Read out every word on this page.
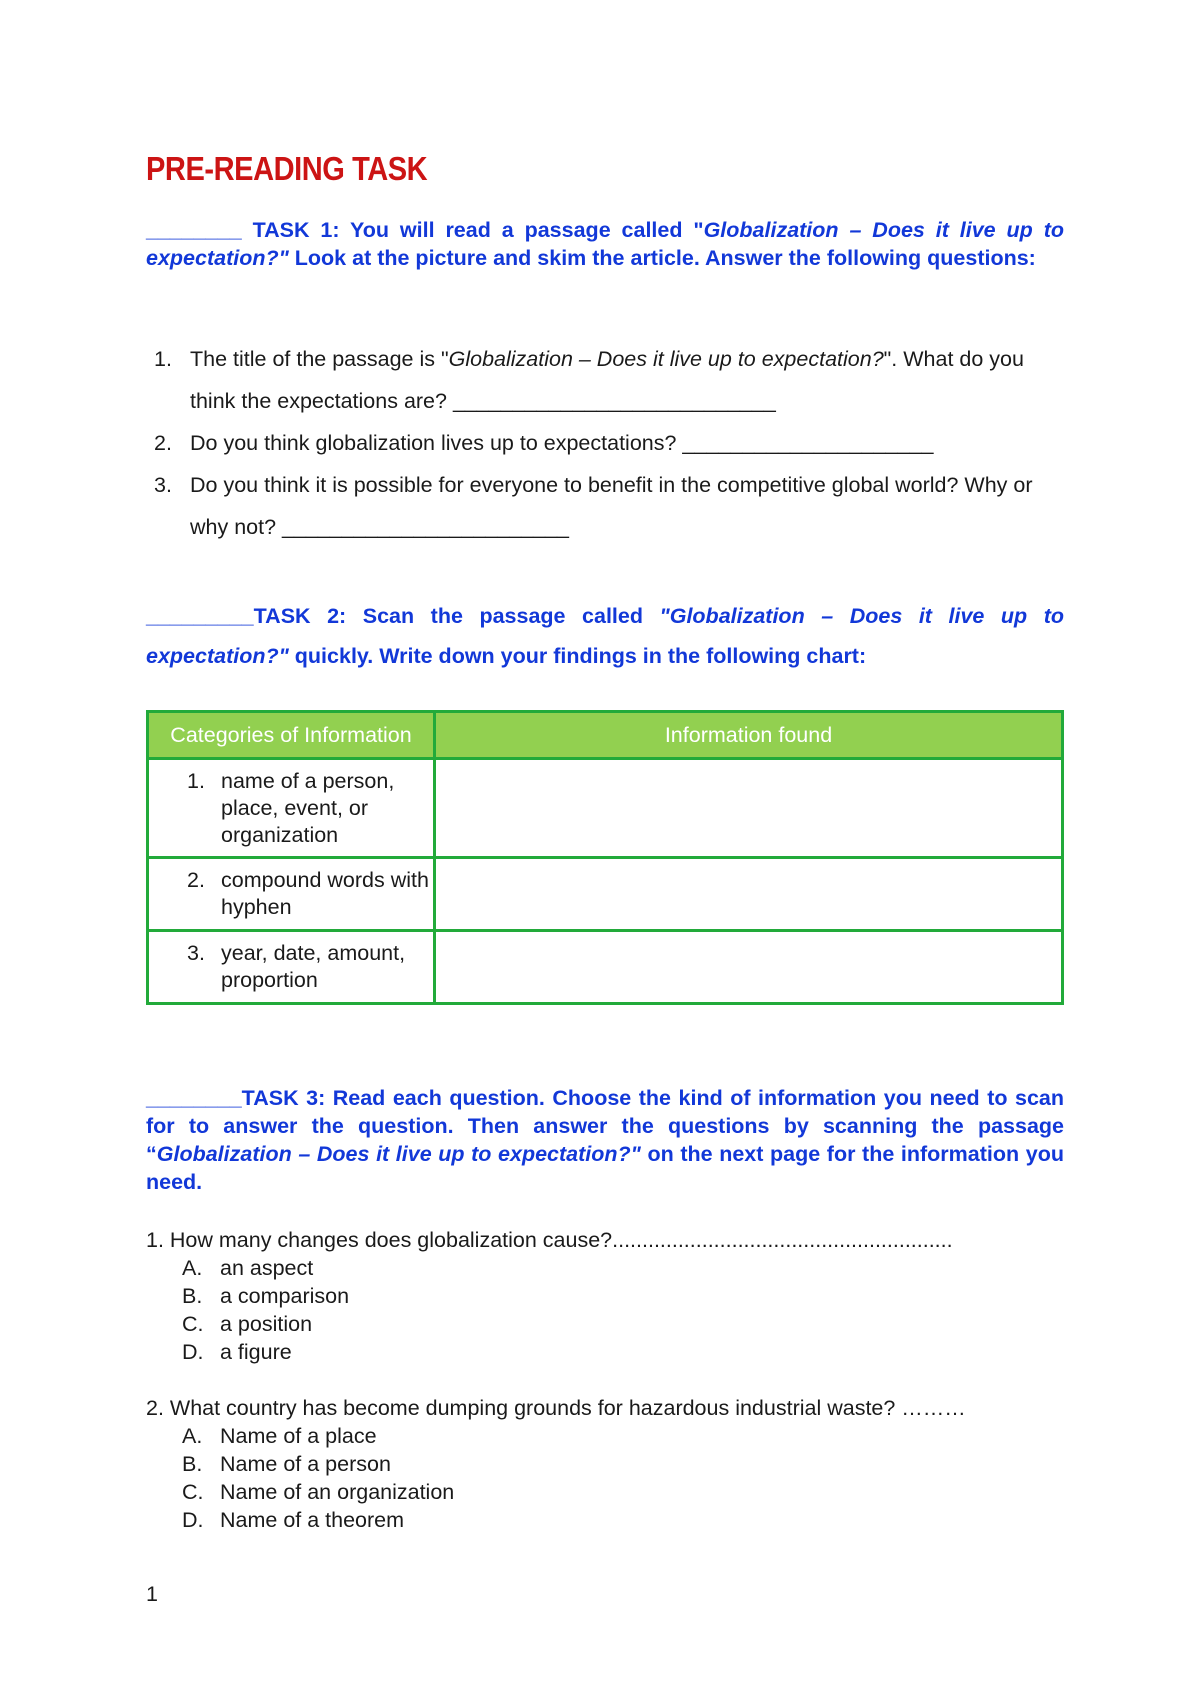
PRE-READING TASK

________ TASK 1: You will read a passage called "Globalization – Does it live up to expectation?" Look at the picture and skim the article. Answer the following questions:

1. The title of the passage is "Globalization – Does it live up to expectation?". What do you think the expectations are? ___________________________
2. Do you think globalization lives up to expectations? _____________________
3. Do you think it is possible for everyone to benefit in the competitive global world? Why or why not? ________________________

_________TASK 2: Scan the passage called "Globalization – Does it live up to expectation?" quickly. Write down your findings in the following chart:

Categories of Information	Information found

1. name of a person, place, event, or organization	

2. compound words with hyphen	

3. year, date, amount, proportion	

________TASK 3: Read each question. Choose the kind of information you need to scan for to answer the question. Then answer the questions by scanning the passage “Globalization – Does it live up to expectation?" on the next page for the information you need.

1. How many changes does globalization cause?.........................................................
A. an aspect
B. a comparison
C. a position
D. a figure
2. What country has become dumping grounds for hazardous industrial waste? ………
A. Name of a place
B. Name of a person
C. Name of an organization
D. Name of a theorem
1
